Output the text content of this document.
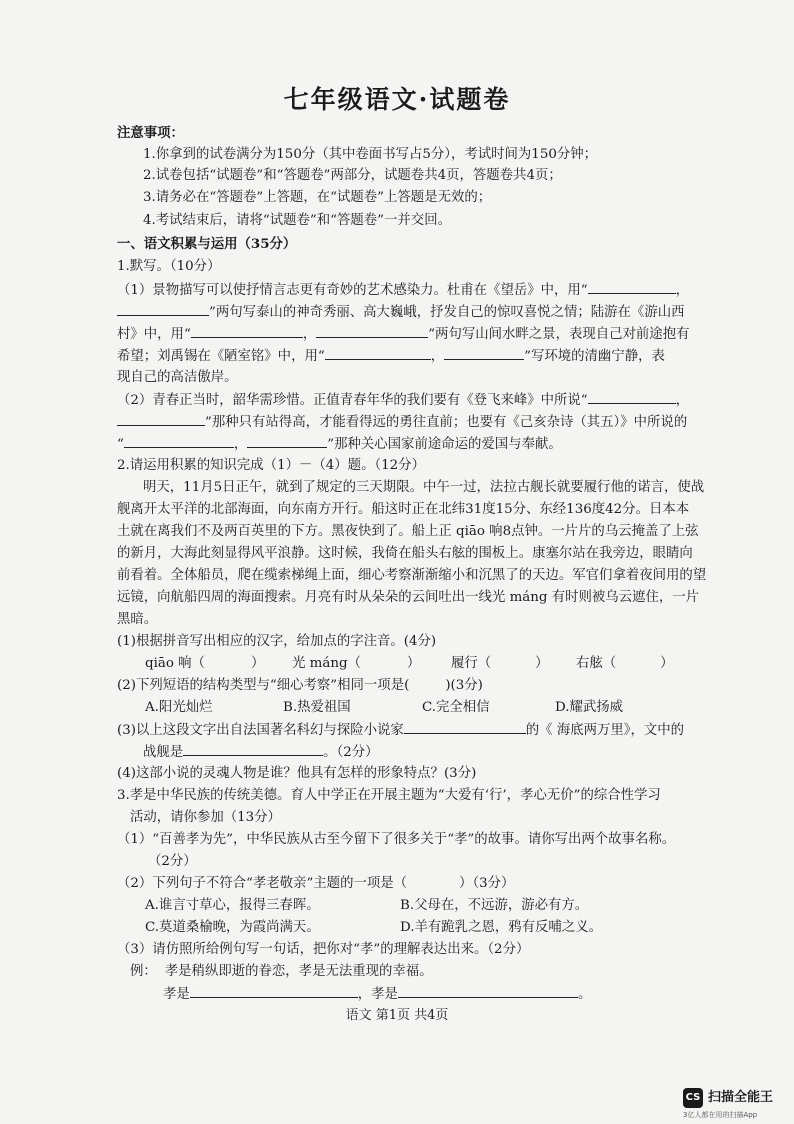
七年级语文·试题卷
注意事项：
1.你拿到的试卷满分为150分（其中卷面书写占5分），考试时间为150分钟；
2.试卷包括“试题卷”和“答题卷”两部分，试题卷共4页，答题卷共4页；
3.请务必在“答题卷”上答题，在“试题卷”上答题是无效的；
4.考试结束后，请将“试题卷”和“答题卷”一并交回。
一、语文积累与运用（35分）
1.默写。（10分）
（1）景物描写可以使抒情言志更有奇妙的艺术感染力。杜甫在《望岳》中，用“	，
”两句写泰山的神奇秀丽、高大巍峨，抒发自己的惊叹喜悦之情；陆游在《游山西
村》中，用“	，	”两句写山间水畔之景，表现自己对前途抱有
希望；刘禹锡在《陋室铭》中，用“	，	”写环境的清幽宁静，表
现自己的高洁傲岸。
（2）青春正当时，韶华需珍惜。正值青春年华的我们要有《登飞来峰》中所说“	，
”那种只有站得高，才能看得远的勇往直前；也要有《己亥杂诗（其五）》中所说的
“	，	”那种关心国家前途命运的爱国与奉献。
2.请运用积累的知识完成（1）－（4）题。（12分）
明天，11月5日正午，就到了规定的三天期限。中午一过，法拉古舰长就要履行他的诺言，使战
舰离开太平洋的北部海面，向东南方开行。船这时正在北纬31度15分、东经136度42分。日本本
土就在离我们不及两百英里的下方。黑夜快到了。船上正 qiāo 响8点钟。一片片的乌云掩盖了上弦
的新月，大海此刻显得风平浪静。这时候，我倚在船头右舷的围板上。康塞尔站在我旁边，眼睛向
前看着。全体船员，爬在缆索梯绳上面，细心考察渐渐缩小和沉黑了的天边。军官们拿着夜间用的望
远镜，向航船四周的海面搜索。月亮有时从朵朵的云间吐出一线光 máng 有时则被乌云遮住，一片
黑暗。
(1)根据拼音写出相应的汉字，给加点的字注音。(4分)
qiāo 响（	） 光 máng（	） 履行（	） 右舷（	）
(2)下列短语的结构类型与“细心考察”相同一项是(	)(3分)
A.阳光灿烂	B.热爱祖国	C.完全相信	D.耀武扬威
(3)以上这段文字出自法国著名科幻与探险小说家	的《 海底两万里》，文中的
战舰是	。（2分）
(4)这部小说的灵魂人物是谁？他具有怎样的形象特点？(3分)
3.孝是中华民族的传统美德。育人中学正在开展主题为“大爱有‘行’，孝心无价”的综合性学习
活动，请你参加（13分）
（1）“百善孝为先”，中华民族从古至今留下了很多关于“孝”的故事。请你写出两个故事名称。
（2分）
（2）下列句子不符合“孝老敬亲”主题的一项是（	）（3分）
A.谁言寸草心，报得三春晖。	B.父母在，不远游，游必有方。
C.莫道桑榆晚，为霞尚满天。	D.羊有跪乳之恩，鸦有反哺之义。
（3）请仿照所给例句写一句话，把你对“孝”的理解表达出来。（2分）
例： 孝是稍纵即逝的眷恋，孝是无法重现的幸福。
孝是	，孝是	。
语文 第1页 共4页
CS 扫描全能王
3亿人都在用的扫描App
